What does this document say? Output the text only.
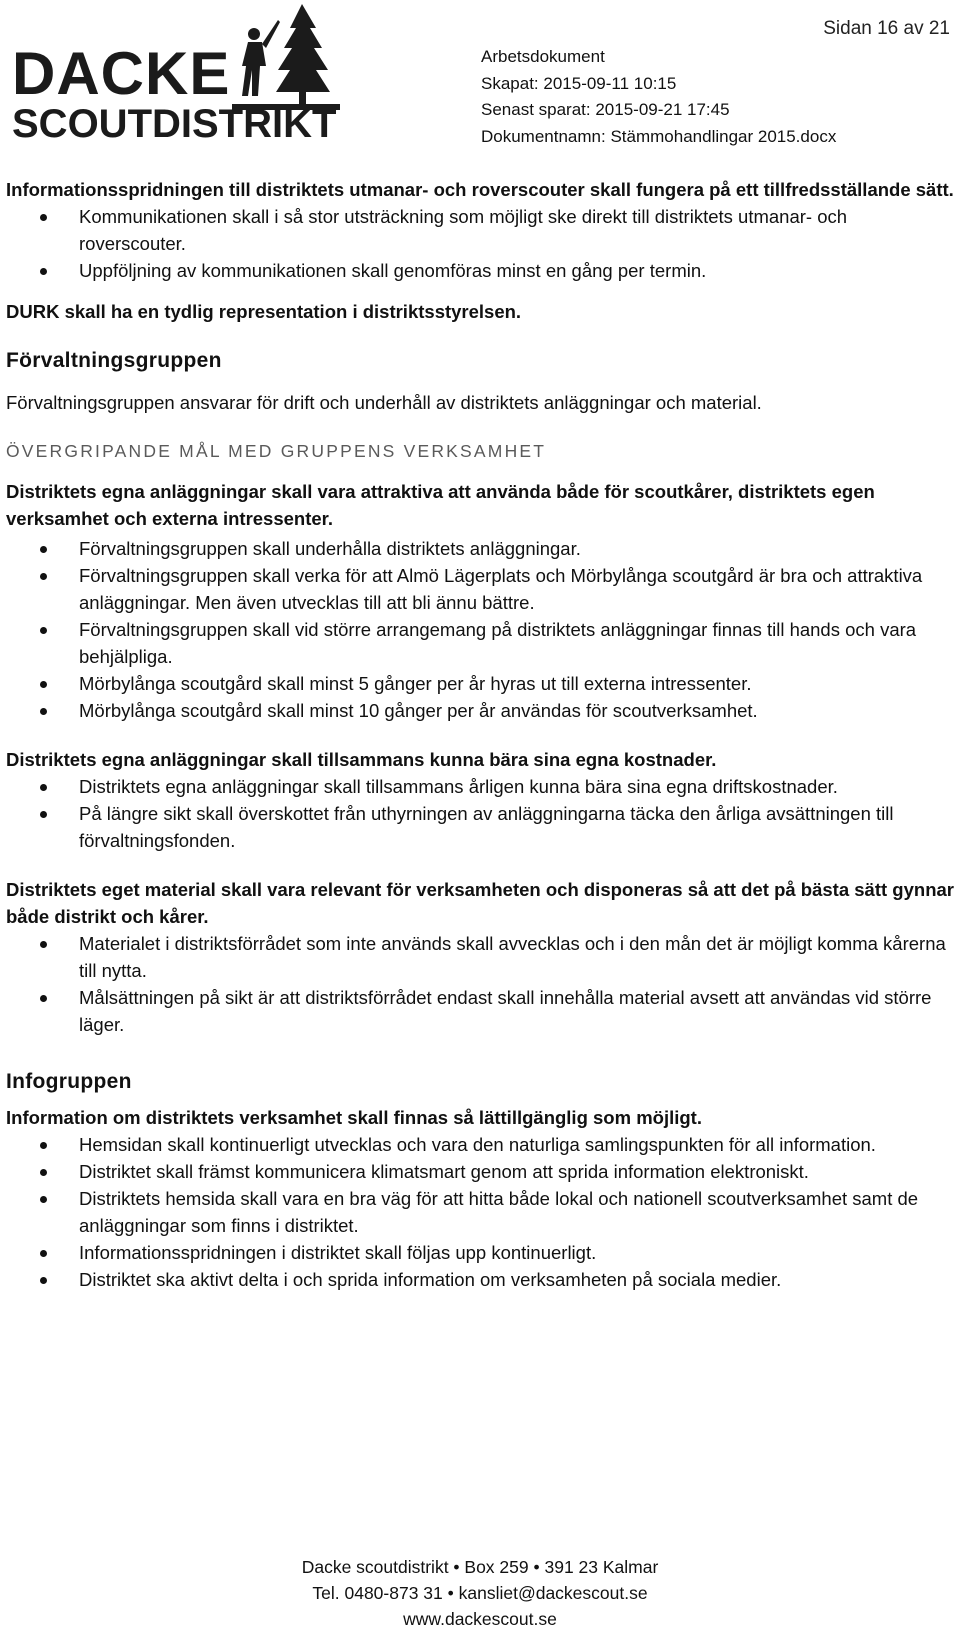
DACKE
SCOUTDISTRIKT
Sidan 16 av 21
Arbetsdokument
Skapat: 2015-09-11 10:15
Senast sparat: 2015-09-21 17:45
Dokumentnamn: Stämmohandlingar 2015.docx

Informationsspridningen till distriktets utmanar- och roverscouter skall fungera på ett tillfredsställande sätt.

Kommunikationen skall i så stor utsträckning som möjligt ske direkt till distriktets utmanar- och roverscouter.
Uppföljning av kommunikationen skall genomföras minst en gång per termin.

DURK skall ha en tydlig representation i distriktsstyrelsen.

Förvaltningsgruppen

Förvaltningsgruppen ansvarar för drift och underhåll av distriktets anläggningar och material.

ÖVERGRIPANDE MÅL MED GRUPPENS VERKSAMHET

Distriktets egna anläggningar skall vara attraktiva att använda både för scoutkårer, distriktets egen verksamhet och externa intressenter.

Förvaltningsgruppen skall underhålla distriktets anläggningar.
Förvaltningsgruppen skall verka för att Almö Lägerplats och Mörbylånga scoutgård är bra och attraktiva anläggningar. Men även utvecklas till att bli ännu bättre.
Förvaltningsgruppen skall vid större arrangemang på distriktets anläggningar finnas till hands och vara behjälpliga.
Mörbylånga scoutgård skall minst 5 gånger per år hyras ut till externa intressenter.
Mörbylånga scoutgård skall minst 10 gånger per år användas för scoutverksamhet.

Distriktets egna anläggningar skall tillsammans kunna bära sina egna kostnader.

Distriktets egna anläggningar skall tillsammans årligen kunna bära sina egna driftskostnader.
På längre sikt skall överskottet från uthyrningen av anläggningarna täcka den årliga avsättningen till förvaltningsfonden.

Distriktets eget material skall vara relevant för verksamheten och disponeras så att det på bästa sätt gynnar både distrikt och kårer.

Materialet i distriktsförrådet som inte används skall avvecklas och i den mån det är möjligt komma kårerna till nytta.
Målsättningen på sikt är att distriktsförrådet endast skall innehålla material avsett att användas vid större läger.

Infogruppen

Information om distriktets verksamhet skall finnas så lättillgänglig som möjligt.

Hemsidan skall kontinuerligt utvecklas och vara den naturliga samlingspunkten för all information.
Distriktet skall främst kommunicera klimatsmart genom att sprida information elektroniskt.
Distriktets hemsida skall vara en bra väg för att hitta både lokal och nationell scoutverksamhet samt de anläggningar som finns i distriktet.
Informationsspridningen i distriktet skall följas upp kontinuerligt.
Distriktet ska aktivt delta i och sprida information om verksamheten på sociala medier.
Dacke scoutdistrikt • Box 259 • 391 23 Kalmar
Tel. 0480-873 31 • kansliet@dackescout.se
www.dackescout.se
